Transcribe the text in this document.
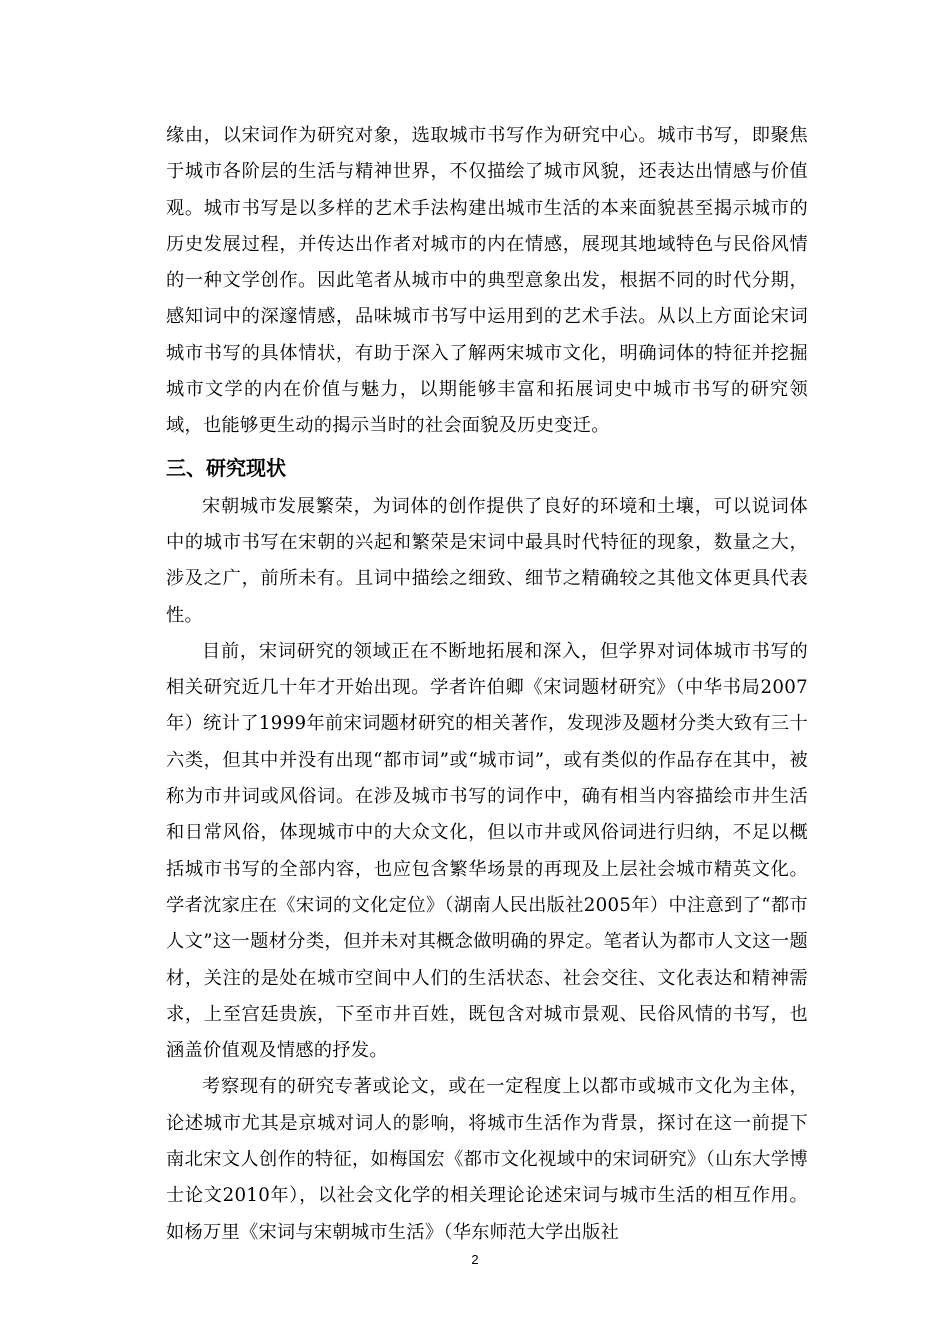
缘由，以宋词作为研究对象，选取城市书写作为研究中心。城市书写，即聚焦于城市各阶层的生活与精神世界，不仅描绘了城市风貌，还表达出情感与价值观。城市书写是以多样的艺术手法构建出城市生活的本来面貌甚至揭示城市的历史发展过程，并传达出作者对城市的内在情感，展现其地域特色与民俗风情的一种文学创作。因此笔者从城市中的典型意象出发，根据不同的时代分期，感知词中的深邃情感，品味城市书写中运用到的艺术手法。从以上方面论宋词城市书写的具体情状，有助于深入了解两宋城市文化，明确词体的特征并挖掘城市文学的内在价值与魅力，以期能够丰富和拓展词史中城市书写的研究领域，也能够更生动的揭示当时的社会面貌及历史变迁。

三、研究现状

宋朝城市发展繁荣，为词体的创作提供了良好的环境和土壤，可以说词体中的城市书写在宋朝的兴起和繁荣是宋词中最具时代特征的现象，数量之大，涉及之广，前所未有。且词中描绘之细致、细节之精确较之其他文体更具代表性。

目前，宋词研究的领域正在不断地拓展和深入，但学界对词体城市书写的相关研究近几十年才开始出现。学者许伯卿《宋词题材研究》（中华书局2007年）统计了1999年前宋词题材研究的相关著作，发现涉及题材分类大致有三十六类，但其中并没有出现“都市词”或“城市词”，或有类似的作品存在其中，被称为市井词或风俗词。在涉及城市书写的词作中，确有相当内容描绘市井生活和日常风俗，体现城市中的大众文化，但以市井或风俗词进行归纳，不足以概括城市书写的全部内容，也应包含繁华场景的再现及上层社会城市精英文化。学者沈家庄在《宋词的文化定位》（湖南人民出版社2005年）中注意到了“都市人文”这一题材分类，但并未对其概念做明确的界定。笔者认为都市人文这一题材，关注的是处在城市空间中人们的生活状态、社会交往、文化表达和精神需求，上至宫廷贵族，下至市井百姓，既包含对城市景观、民俗风情的书写，也涵盖价值观及情感的抒发。

考察现有的研究专著或论文，或在一定程度上以都市或城市文化为主体，论述城市尤其是京城对词人的影响，将城市生活作为背景，探讨在这一前提下南北宋文人创作的特征，如梅国宏《都市文化视域中的宋词研究》（山东大学博士论文2010年），以社会文化学的相关理论论述宋词与城市生活的相互作用。如杨万里《宋词与宋朝城市生活》（华东师范大学出版社

2
